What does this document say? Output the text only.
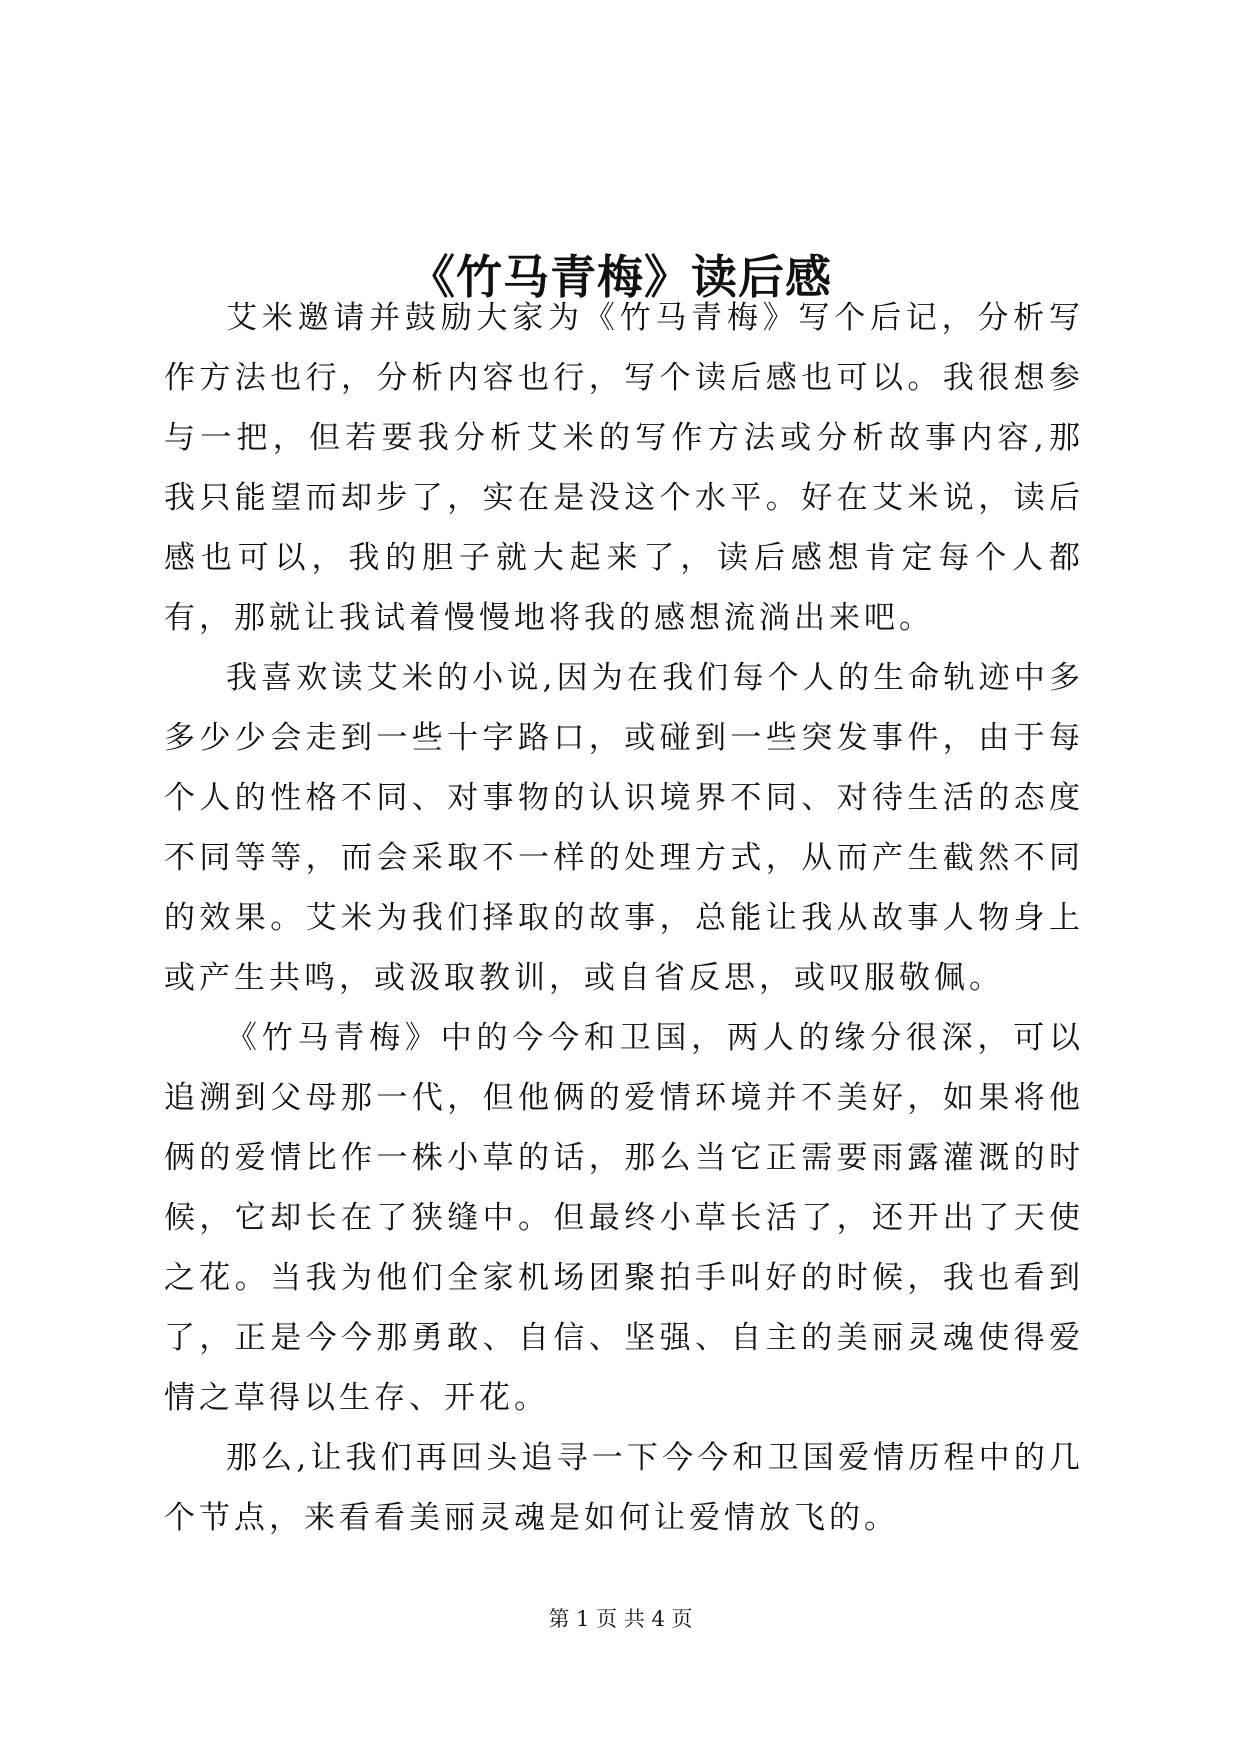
《竹马青梅》读后感

艾米邀请并鼓励大家为《竹马青梅》写个后记，分析写作方法也行，分析内容也行，写个读后感也可以。我很想参与一把，但若要我分析艾米的写作方法或分析故事内容,那我只能望而却步了，实在是没这个水平。好在艾米说，读后感也可以，我的胆子就大起来了，读后感想肯定每个人都有，那就让我试着慢慢地将我的感想流淌出来吧。

我喜欢读艾米的小说,因为在我们每个人的生命轨迹中多多少少会走到一些十字路口，或碰到一些突发事件，由于每个人的性格不同、对事物的认识境界不同、对待生活的态度不同等等，而会采取不一样的处理方式，从而产生截然不同的效果。艾米为我们择取的故事，总能让我从故事人物身上或产生共鸣，或汲取教训，或自省反思，或叹服敬佩。

《竹马青梅》中的今今和卫国，两人的缘分很深，可以追溯到父母那一代，但他俩的爱情环境并不美好，如果将他俩的爱情比作一株小草的话，那么当它正需要雨露灌溉的时候，它却长在了狭缝中。但最终小草长活了，还开出了天使之花。当我为他们全家机场团聚拍手叫好的时候，我也看到了，正是今今那勇敢、自信、坚强、自主的美丽灵魂使得爱情之草得以生存、开花。

那么,让我们再回头追寻一下今今和卫国爱情历程中的几个节点，来看看美丽灵魂是如何让爱情放飞的。

第 1 页 共 4 页
